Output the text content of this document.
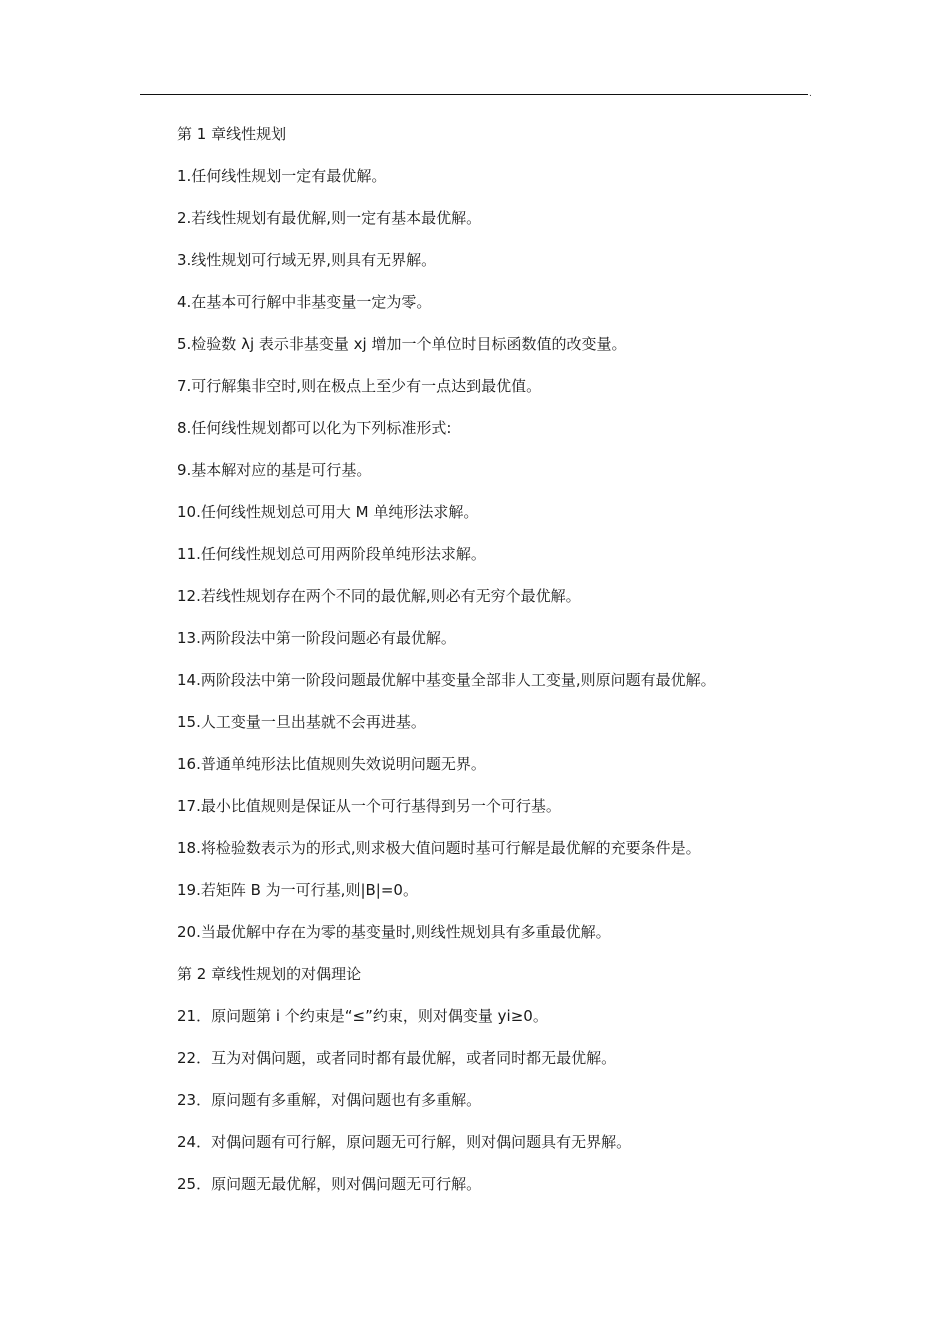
.
第 1 章线性规划
1.任何线性规划一定有最优解。
2.若线性规划有最优解,则一定有基本最优解。
3.线性规划可行域无界,则具有无界解。
4.在基本可行解中非基变量一定为零。
5.检验数 λj 表示非基变量 xj 增加一个单位时目标函数值的改变量。
7.可行解集非空时,则在极点上至少有一点达到最优值。
8.任何线性规划都可以化为下列标准形式:
9.基本解对应的基是可行基。
10.任何线性规划总可用大 M 单纯形法求解。
11.任何线性规划总可用两阶段单纯形法求解。
12.若线性规划存在两个不同的最优解,则必有无穷个最优解。
13.两阶段法中第一阶段问题必有最优解。
14.两阶段法中第一阶段问题最优解中基变量全部非人工变量,则原问题有最优解。
15.人工变量一旦出基就不会再进基。
16.普通单纯形法比值规则失效说明问题无界。
17.最小比值规则是保证从一个可行基得到另一个可行基。
18.将检验数表示为的形式,则求极大值问题时基可行解是最优解的充要条件是。
19.若矩阵 B 为一可行基,则|B|=0。
20.当最优解中存在为零的基变量时,则线性规划具有多重最优解。
第 2 章线性规划的对偶理论
21．原问题第 i 个约束是“≤”约束，则对偶变量 yi≥0。
22．互为对偶问题，或者同时都有最优解，或者同时都无最优解。
23．原问题有多重解，对偶问题也有多重解。
24．对偶问题有可行解，原问题无可行解，则对偶问题具有无界解。
25．原问题无最优解，则对偶问题无可行解。
